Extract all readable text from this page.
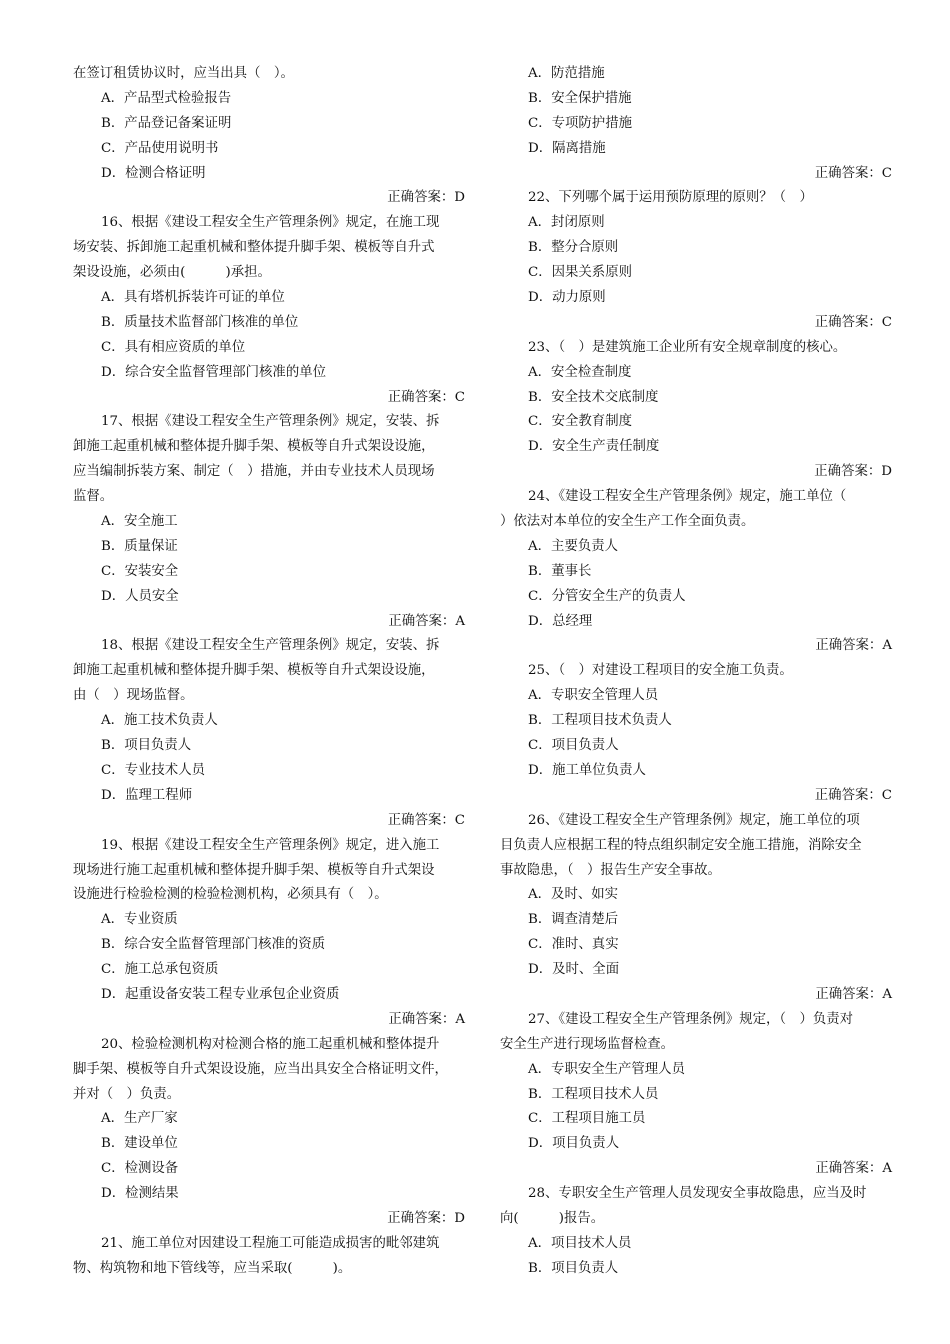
在签订租赁协议时，应当出具（　）。
A．产品型式检验报告
B．产品登记备案证明
C．产品使用说明书
D．检测合格证明
正确答案：D
16、根据《建设工程安全生产管理条例》规定，在施工现
场安装、拆卸施工起重机械和整体提升脚手架、模板等自升式
架设设施，必须由(　　　)承担。
A．具有塔机拆装许可证的单位
B．质量技术监督部门核准的单位
C．具有相应资质的单位
D．综合安全监督管理部门核准的单位
正确答案：C
17、根据《建设工程安全生产管理条例》规定，安装、拆
卸施工起重机械和整体提升脚手架、模板等自升式架设设施，
应当编制拆装方案、制定（　）措施，并由专业技术人员现场
监督。
A．安全施工
B．质量保证
C．安装安全
D．人员安全
正确答案：A
18、根据《建设工程安全生产管理条例》规定，安装、拆
卸施工起重机械和整体提升脚手架、模板等自升式架设设施，
由（　）现场监督。
A．施工技术负责人
B．项目负责人
C．专业技术人员
D．监理工程师
正确答案：C
19、根据《建设工程安全生产管理条例》规定，进入施工
现场进行施工起重机械和整体提升脚手架、模板等自升式架设
设施进行检验检测的检验检测机构，必须具有（　）。
A．专业资质
B．综合安全监督管理部门核准的资质
C．施工总承包资质
D．起重设备安装工程专业承包企业资质
正确答案：A
20、检验检测机构对检测合格的施工起重机械和整体提升
脚手架、模板等自升式架设设施，应当出具安全合格证明文件，
并对（　）负责。
A．生产厂家
B．建设单位
C．检测设备
D．检测结果
正确答案：D
21、施工单位对因建设工程施工可能造成损害的毗邻建筑
物、构筑物和地下管线等，应当采取(　　　)。
A．防范措施
B．安全保护措施
C．专项防护措施
D．隔离措施
正确答案：C
22、下列哪个属于运用预防原理的原则？（　）
A．封闭原则
B．整分合原则
C．因果关系原则
D．动力原则
正确答案：C
23、（　）是建筑施工企业所有安全规章制度的核心。
A．安全检查制度
B．安全技术交底制度
C．安全教育制度
D．安全生产责任制度
正确答案：D
24、《建设工程安全生产管理条例》规定，施工单位（
）依法对本单位的安全生产工作全面负责。
A．主要负责人
B．董事长
C．分管安全生产的负责人
D．总经理
正确答案：A
25、（　）对建设工程项目的安全施工负责。
A．专职安全管理人员
B．工程项目技术负责人
C．项目负责人
D．施工单位负责人
正确答案：C
26、《建设工程安全生产管理条例》规定，施工单位的项
目负责人应根据工程的特点组织制定安全施工措施，消除安全
事故隐患，（　）报告生产安全事故。
A．及时、如实
B．调查清楚后
C．准时、真实
D．及时、全面
正确答案：A
27、《建设工程安全生产管理条例》规定，（　）负责对
安全生产进行现场监督检查。
A．专职安全生产管理人员
B．工程项目技术人员
C．工程项目施工员
D．项目负责人
正确答案：A
28、专职安全生产管理人员发现安全事故隐患，应当及时
向(　　　)报告。
A．项目技术人员
B．项目负责人
